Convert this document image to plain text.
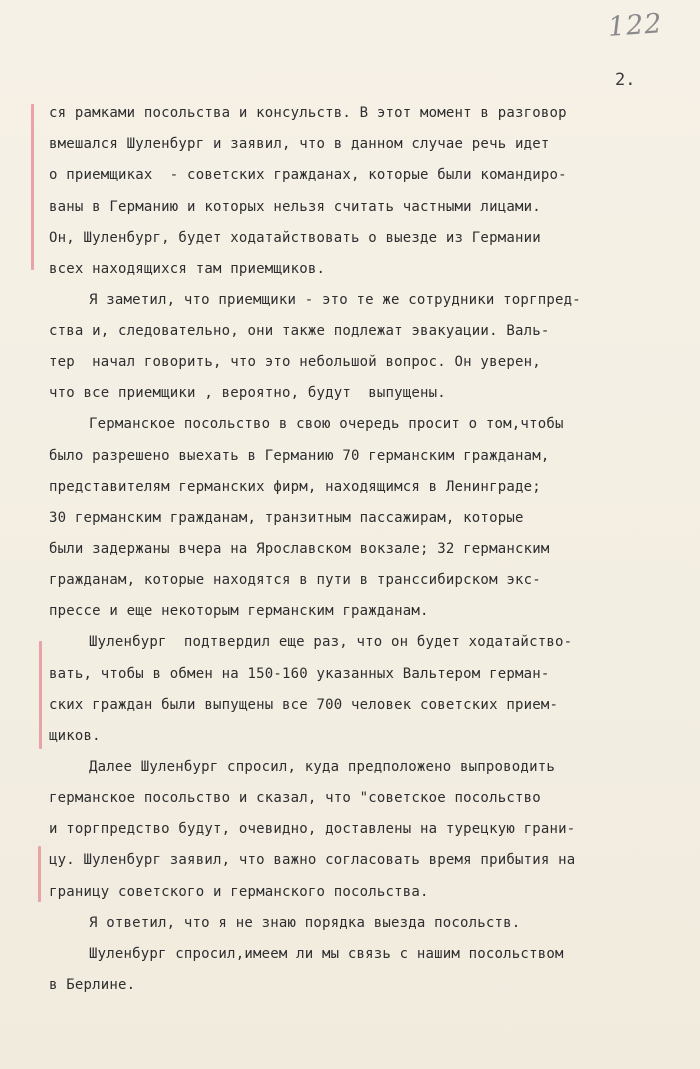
122
2.
ся рамками посольства и консульств. В этот момент в разговор
вмешался Шуленбург и заявил, что в данном случае речь идет
о приемщиках  - советских гражданах, которые были командиро-
ваны в Германию и которых нельзя считать частными лицами.
Он, Шуленбург, будет ходатайствовать о выезде из Германии
всех находящихся там приемщиков.
Я заметил, что приемщики - это те же сотрудники торгпред-
ства и, следовательно, они также подлежат эвакуации. Валь-
тер  начал говорить, что это небольшой вопрос. Он уверен,
что все приемщики , вероятно, будут  выпущены.
Германское посольство в свою очередь просит о том,чтобы
было разрешено выехать в Германию 70 германским гражданам,
представителям германских фирм, находящимся в Ленинграде;
30 германским гражданам, транзитным пассажирам, которые
были задержаны вчера на Ярославском вокзале; 32 германским
гражданам, которые находятся в пути в транссибирском экс-
прессе и еще некоторым германским гражданам.
Шуленбург  подтвердил еще раз, что он будет ходатайство-
вать, чтобы в обмен на 150-160 указанных Вальтером герман-
ских граждан были выпущены все 700 человек советских прием-
щиков.
Далее Шуленбург спросил, куда предположено выпроводить
германское посольство и сказал, что "советское посольство
и торгпредство будут, очевидно, доставлены на турецкую грани-
цу. Шуленбург заявил, что важно согласовать время прибытия на
границу советского и германского посольства.
Я ответил, что я не знаю порядка выезда посольств.
Шуленбург спросил,имеем ли мы связь с нашим посольством
в Берлине.
